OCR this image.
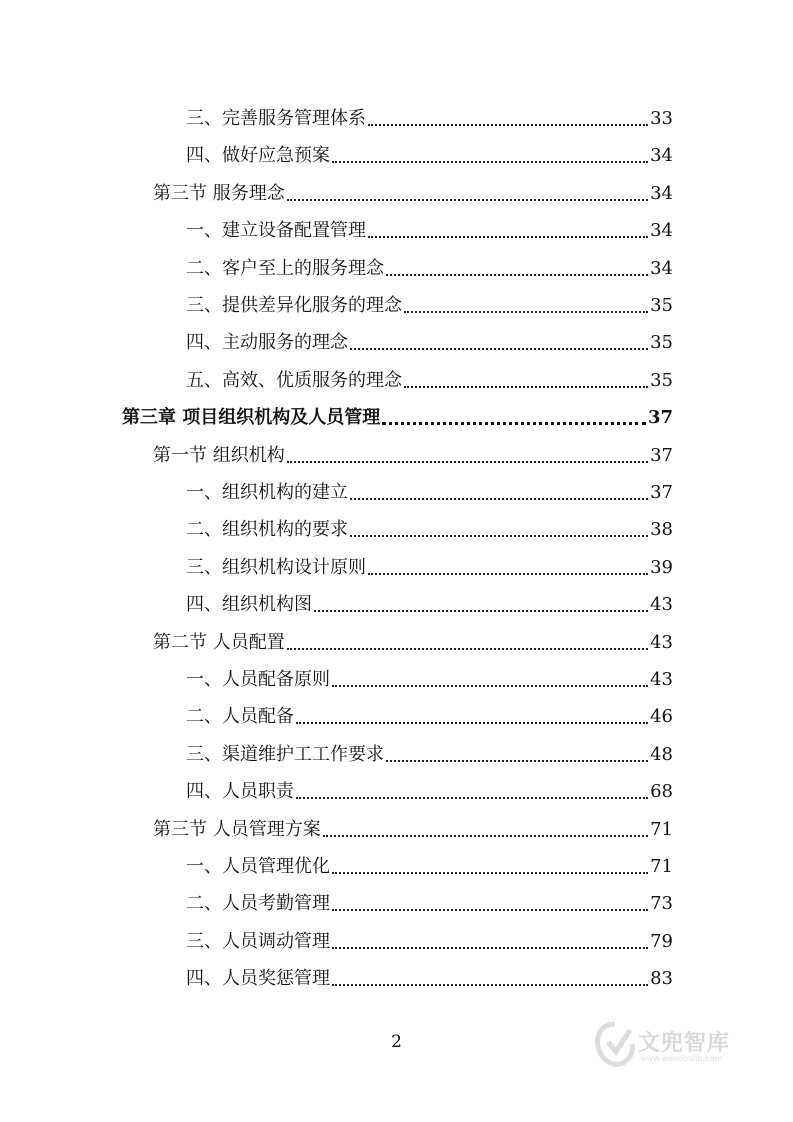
三、完善服务管理体系	33
四、做好应急预案	34
第三节 服务理念	34
一、建立设备配置管理	34
二、客户至上的服务理念	34
三、提供差异化服务的理念	35
四、主动服务的理念	35
五、高效、优质服务的理念	35
第三章 项目组织机构及人员管理	37
第一节 组织机构	37
一、组织机构的建立	37
二、组织机构的要求	38
三、组织机构设计原则	39
四、组织机构图	43
第二节 人员配置	43
一、人员配备原则	43
二、人员配备	46
三、渠道维护工工作要求	48
四、人员职责	68
第三节 人员管理方案	71
一、人员管理优化	71
二、人员考勤管理	73
三、人员调动管理	79
四、人员奖惩管理	83
2	文兜智库
www.wendoulib.com
